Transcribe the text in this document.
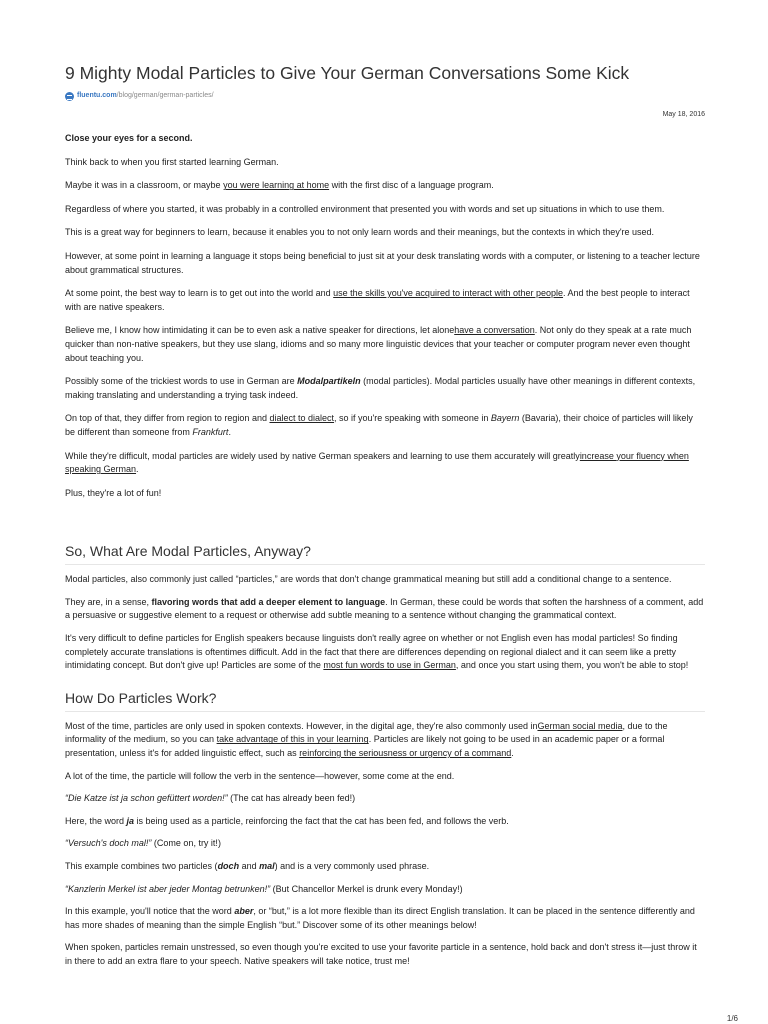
9 Mighty Modal Particles to Give Your German Conversations Some Kick
fluentu.com/blog/german/german-particles/
May 18, 2016

Close your eyes for a second.

Think back to when you first started learning German.

Maybe it was in a classroom, or maybe you were learning at home with the first disc of a language program.

Regardless of where you started, it was probably in a controlled environment that presented you with words and set up situations in which to use them.

This is a great way for beginners to learn, because it enables you to not only learn words and their meanings, but the contexts in which they're used.

However, at some point in learning a language it stops being beneficial to just sit at your desk translating words with a computer, or listening to a teacher lecture about grammatical structures.

At some point, the best way to learn is to get out into the world and use the skills you've acquired to interact with other people. And the best people to interact with are native speakers.

Believe me, I know how intimidating it can be to even ask a native speaker for directions, let alonehave a conversation. Not only do they speak at a rate much quicker than non-native speakers, but they use slang, idioms and so many more linguistic devices that your teacher or computer program never even thought about teaching you.

Possibly some of the trickiest words to use in German are Modalpartikeln (modal particles). Modal particles usually have other meanings in different contexts, making translating and understanding a trying task indeed.

On top of that, they differ from region to region and dialect to dialect, so if you're speaking with someone in Bayern (Bavaria), their choice of particles will likely be different than someone from Frankfurt.

While they're difficult, modal particles are widely used by native German speakers and learning to use them accurately will greatlyincrease your fluency when speaking German.

Plus, they're a lot of fun!

So, What Are Modal Particles, Anyway?

Modal particles, also commonly just called “particles,” are words that don't change grammatical meaning but still add a conditional change to a sentence.

They are, in a sense, flavoring words that add a deeper element to language. In German, these could be words that soften the harshness of a comment, add a persuasive or suggestive element to a request or otherwise add subtle meaning to a sentence without changing the grammatical context.

It's very difficult to define particles for English speakers because linguists don't really agree on whether or not English even has modal particles! So finding completely accurate translations is oftentimes difficult. Add in the fact that there are differences depending on regional dialect and it can seem like a pretty intimidating concept. But don't give up! Particles are some of the most fun words to use in German, and once you start using them, you won't be able to stop!

How Do Particles Work?

Most of the time, particles are only used in spoken contexts. However, in the digital age, they're also commonly used inGerman social media, due to the informality of the medium, so you can take advantage of this in your learning. Particles are likely not going to be used in an academic paper or a formal presentation, unless it's for added linguistic effect, such as reinforcing the seriousness or urgency of a command.

A lot of the time, the particle will follow the verb in the sentence—however, some come at the end.

“Die Katze ist ja schon gefüttert worden!” (The cat has already been fed!)

Here, the word ja is being used as a particle, reinforcing the fact that the cat has been fed, and follows the verb.

“Versuch's doch mal!” (Come on, try it!)

This example combines two particles (doch and mal) and is a very commonly used phrase.

“Kanzlerin Merkel ist aber jeder Montag betrunken!” (But Chancellor Merkel is drunk every Monday!)

In this example, you'll notice that the word aber, or “but,” is a lot more flexible than its direct English translation. It can be placed in the sentence differently and has more shades of meaning than the simple English “but.” Discover some of its other meanings below!

When spoken, particles remain unstressed, so even though you're excited to use your favorite particle in a sentence, hold back and don't stress it—just throw it in there to add an extra flare to your speech. Native speakers will take notice, trust me!

1/6
